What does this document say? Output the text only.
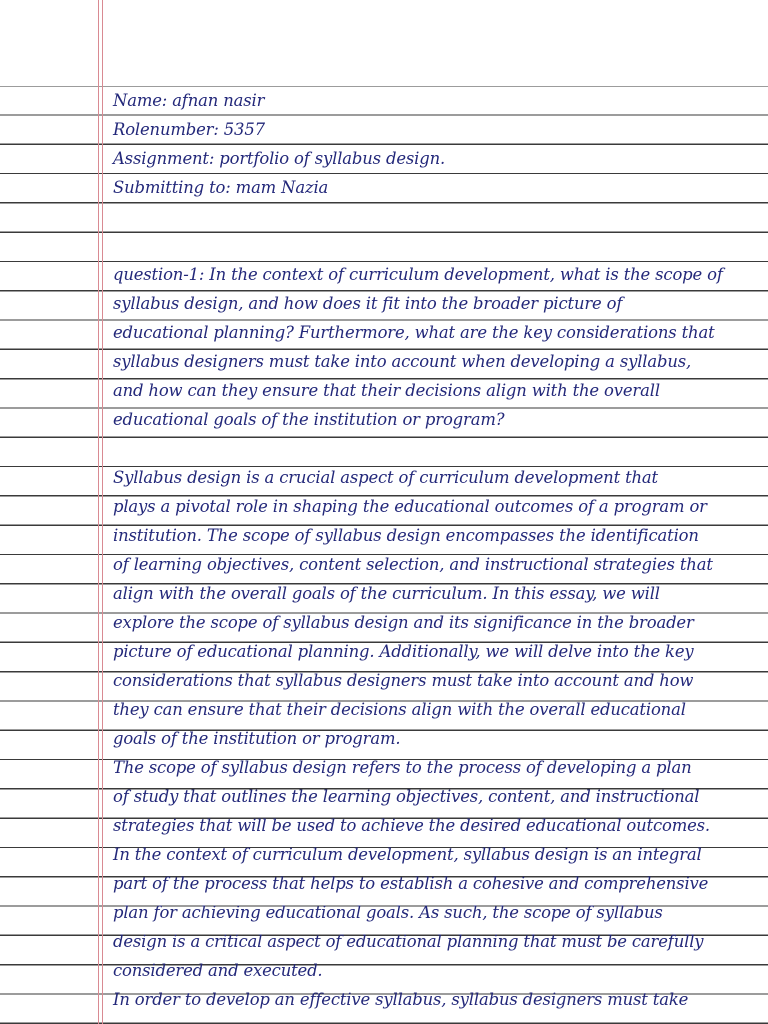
Name: afnan nasir
Rolenumber: 5357
Assignment: portfolio of syllabus design.
Submitting to: mam Nazia
question-1: In the context of curriculum development, what is the scope of
syllabus design, and how does it fit into the broader picture of
educational planning? Furthermore, what are the key considerations that
syllabus designers must take into account when developing a syllabus,
and how can they ensure that their decisions align with the overall
educational goals of the institution or program?
Syllabus design is a crucial aspect of curriculum development that
plays a pivotal role in shaping the educational outcomes of a program or
institution. The scope of syllabus design encompasses the identification
of learning objectives, content selection, and instructional strategies that
align with the overall goals of the curriculum. In this essay, we will
explore the scope of syllabus design and its significance in the broader
picture of educational planning. Additionally, we will delve into the key
considerations that syllabus designers must take into account and how
they can ensure that their decisions align with the overall educational
goals of the institution or program.
The scope of syllabus design refers to the process of developing a plan
of study that outlines the learning objectives, content, and instructional
strategies that will be used to achieve the desired educational outcomes.
In the context of curriculum development, syllabus design is an integral
part of the process that helps to establish a cohesive and comprehensive
plan for achieving educational goals. As such, the scope of syllabus
design is a critical aspect of educational planning that must be carefully
considered and executed.
In order to develop an effective syllabus, syllabus designers must take
